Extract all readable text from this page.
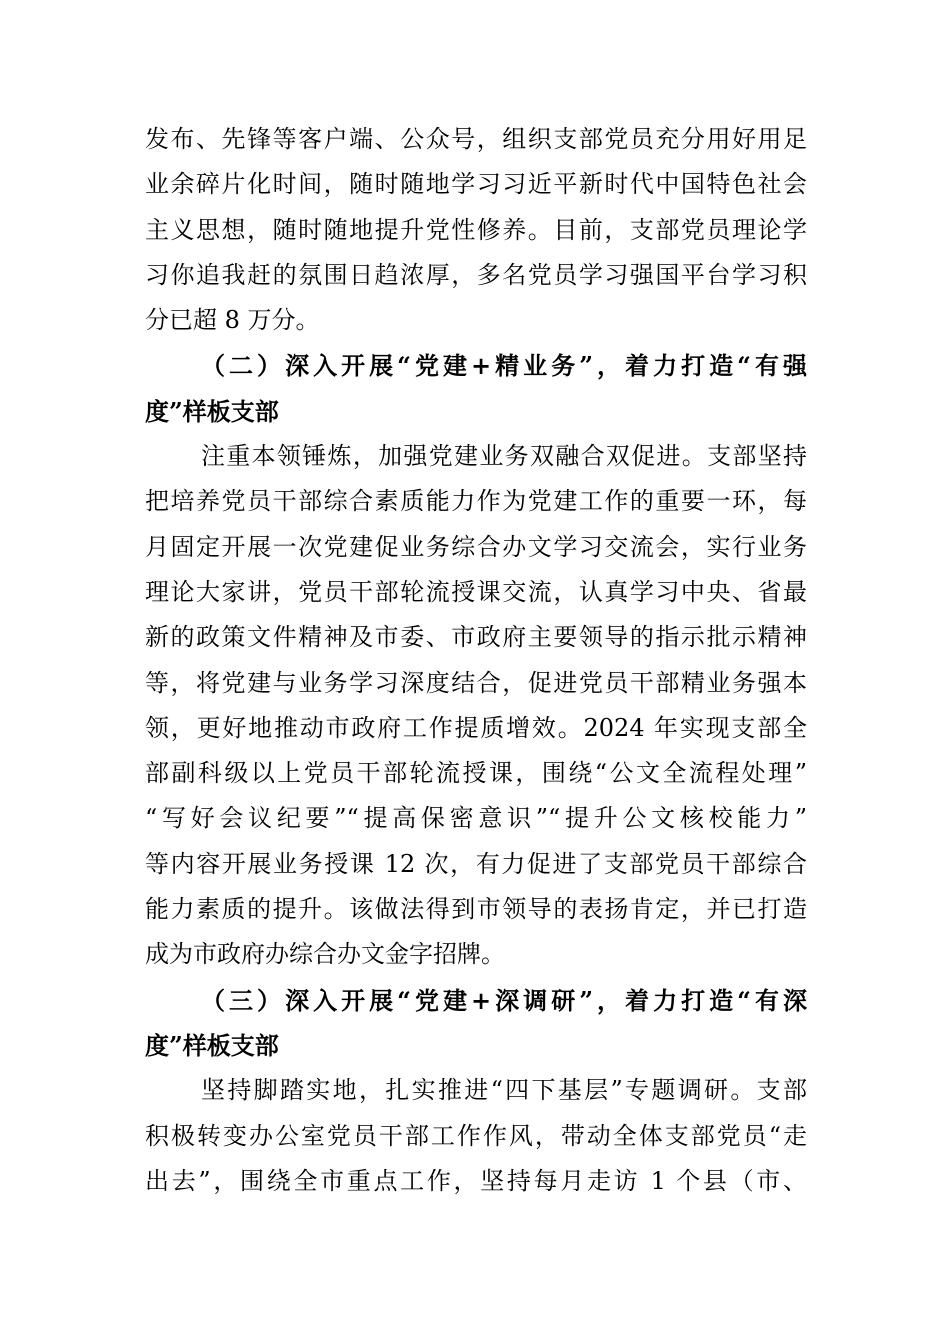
发布、先锋等客户端、公众号，组织支部党员充分用好用足
业余碎片化时间，随时随地学习习近平新时代中国特色社会
主义思想，随时随地提升党性修养。目前，支部党员理论学
习你追我赶的氛围日趋浓厚，多名党员学习强国平台学习积
分已超 8 万分。
（二）深入开展“党建+精业务”，着力打造“有强
度”样板支部
注重本领锤炼，加强党建业务双融合双促进。支部坚持
把培养党员干部综合素质能力作为党建工作的重要一环，每
月固定开展一次党建促业务综合办文学习交流会，实行业务
理论大家讲，党员干部轮流授课交流，认真学习中央、省最
新的政策文件精神及市委、市政府主要领导的指示批示精神
等，将党建与业务学习深度结合，促进党员干部精业务强本
领，更好地推动市政府工作提质增效。2024 年实现支部全
部副科级以上党员干部轮流授课，围绕“公文全流程处理”
“写好会议纪要”“提高保密意识”“提升公文核校能力”
等内容开展业务授课 12 次，有力促进了支部党员干部综合
能力素质的提升。该做法得到市领导的表扬肯定，并已打造
成为市政府办综合办文金字招牌。
（三）深入开展“党建+深调研”，着力打造“有深
度”样板支部
坚持脚踏实地，扎实推进“四下基层”专题调研。支部
积极转变办公室党员干部工作作风，带动全体支部党员“走
出去”，围绕全市重点工作，坚持每月走访 1 个县（市、
